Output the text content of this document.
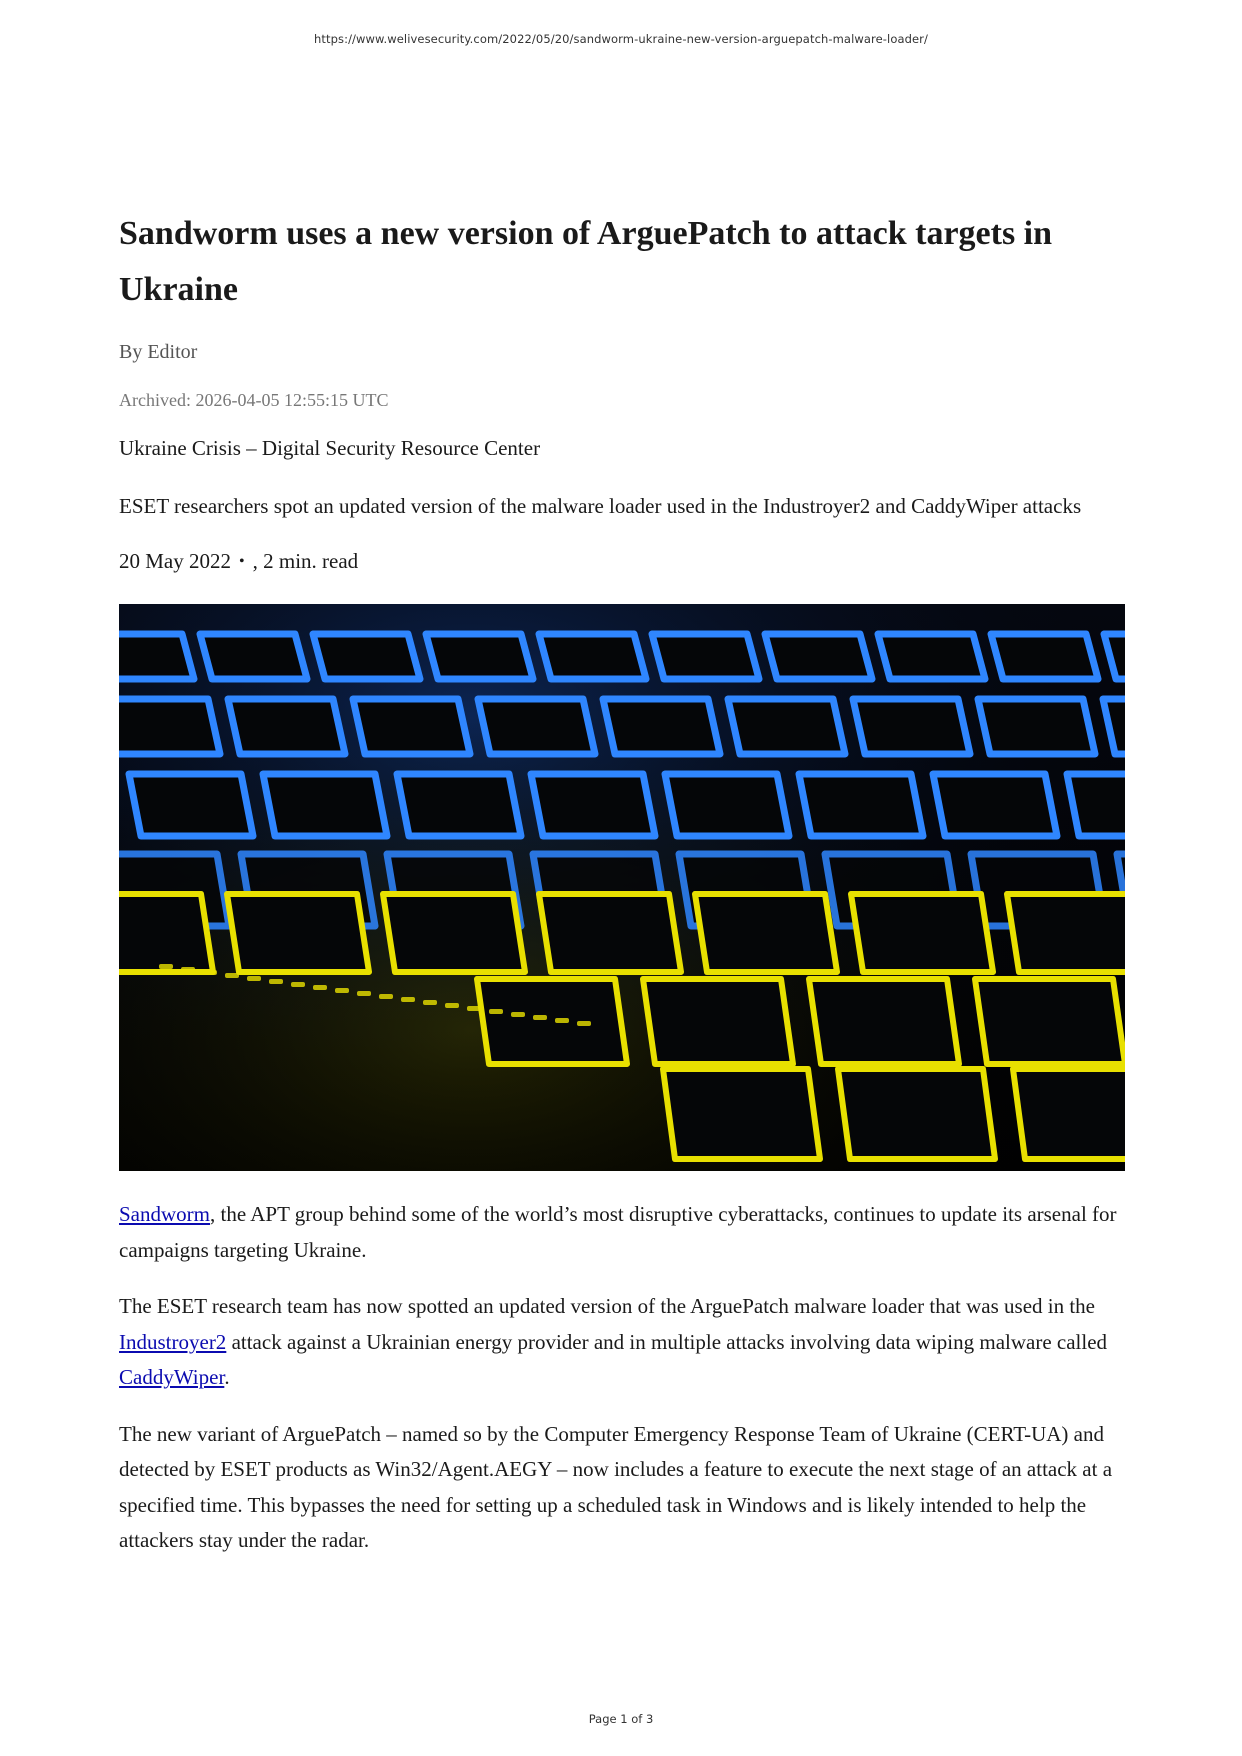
https://www.welivesecurity.com/2022/05/20/sandworm-ukraine-new-version-arguepatch-malware-loader/
Sandworm uses a new version of ArguePatch to attack targets in Ukraine
By Editor
Archived: 2026-04-05 12:55:15 UTC
Ukraine Crisis – Digital Security Resource Center
ESET researchers spot an updated version of the malware loader used in the Industroyer2 and CaddyWiper attacks
20 May 2022 • , 2 min. read

Sandworm, the APT group behind some of the world’s most disruptive cyberattacks, continues to update its arsenal for campaigns targeting Ukraine.

The ESET research team has now spotted an updated version of the ArguePatch malware loader that was used in the Industroyer2 attack against a Ukrainian energy provider and in multiple attacks involving data wiping malware called CaddyWiper.

The new variant of ArguePatch – named so by the Computer Emergency Response Team of Ukraine (CERT-UA) and detected by ESET products as Win32/Agent.AEGY – now includes a feature to execute the next stage of an attack at a specified time. This bypasses the need for setting up a scheduled task in Windows and is likely intended to help the attackers stay under the radar.

Page 1 of 3
